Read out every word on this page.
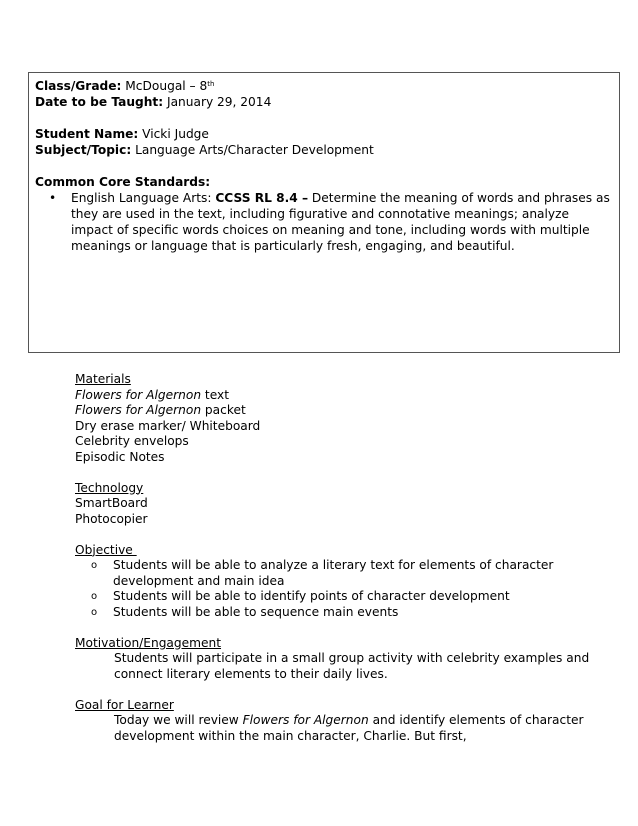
Class/Grade: McDougal – 8th
Date to be Taught: January 29, 2014
Student Name: Vicki Judge
Subject/Topic: Language Arts/Character Development
Common Core Standards:
•	English Language Arts: CCSS RL 8.4 – Determine the meaning of words and phrases as they are used in the text, including figurative and connotative meanings; analyze impact of specific words choices on meaning and tone, including words with multiple meanings or language that is particularly fresh, engaging, and beautiful.
Materials
Flowers for Algernon text
Flowers for Algernon packet
Dry erase marker/ Whiteboard
Celebrity envelops
Episodic Notes
Technology
SmartBoard
Photocopier
Objective
o	Students will be able to analyze a literary text for elements of character development and main idea
o	Students will be able to identify points of character development
o	Students will be able to sequence main events
Motivation/Engagement
Students will participate in a small group activity with celebrity examples and connect literary elements to their daily lives.
Goal for Learner
Today we will review Flowers for Algernon and identify elements of character development within the main character, Charlie. But first,
